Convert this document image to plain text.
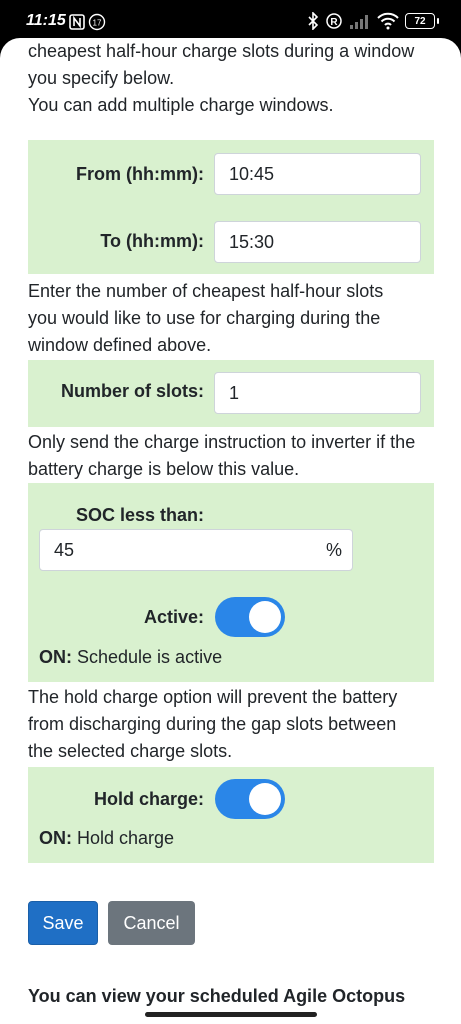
11:15	17	R	72

cheapest half-hour charge slots during a window

you specify below.

You can add multiple charge windows.

From (hh:mm):	10:45
To (hh:mm):	15:30

Enter the number of cheapest half-hour slots

you would like to use for charging during the

window defined above.

Number of slots:	1

Only send the charge instruction to inverter if the

battery charge is below this value.

SOC less than:
45	%
Active:
ON: Schedule is active

The hold charge option will prevent the battery

from discharging during the gap slots between

the selected charge slots.

Hold charge:
ON: Hold charge
Save	Cancel
You can view your scheduled Agile Octopus
